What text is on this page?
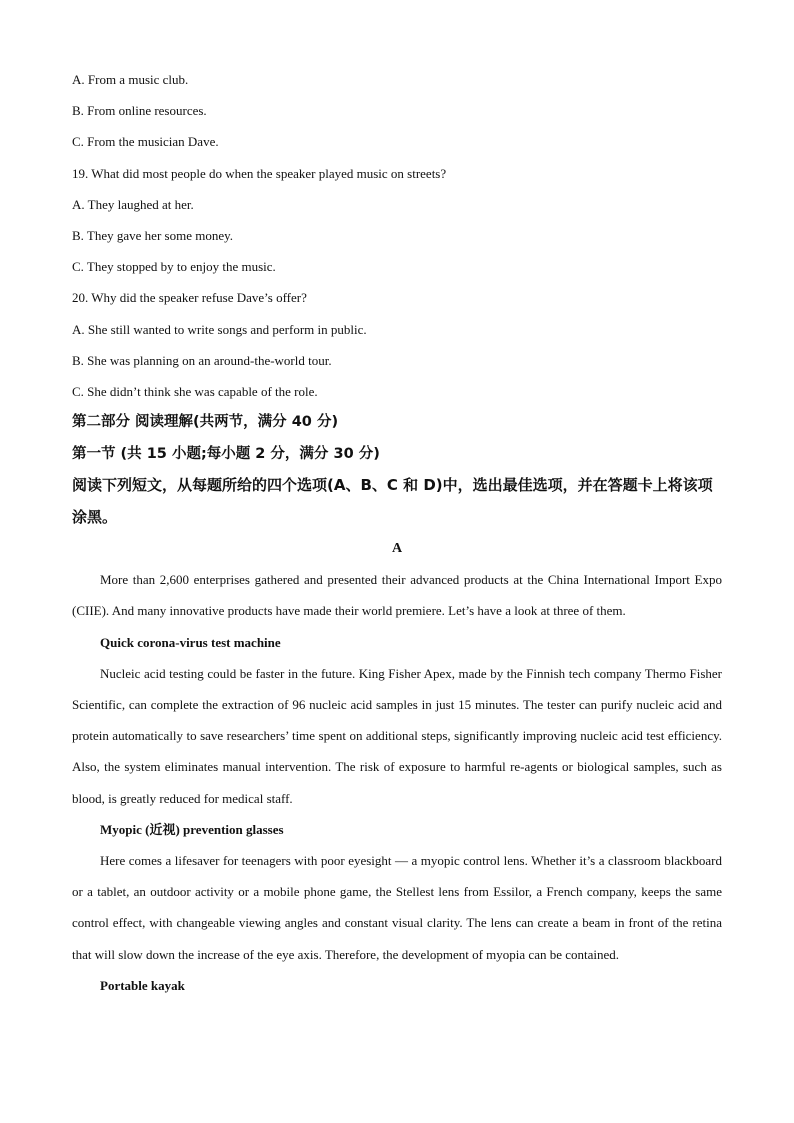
A. From a music club.
B. From online resources.
C. From the musician Dave.
19. What did most people do when the speaker played music on streets?
A. They laughed at her.
B. They gave her some money.
C. They stopped by to enjoy the music.
20. Why did the speaker refuse Dave’s offer?
A. She still wanted to write songs and perform in public.
B. She was planning on an around-the-world tour.
C. She didn’t think she was capable of the role.
第二部分 阅读理解(共两节，满分 40 分)
第一节 (共 15 小题;每小题 2 分，满分 30 分)
阅读下列短文，从每题所给的四个选项(A、B、C 和 D)中，选出最佳选项，并在答题卡上将该项涂黑。
A

More than 2,600 enterprises gathered and presented their advanced products at the China International Import Expo (CIIE). And many innovative products have made their world premiere. Let’s have a look at three of them.

Quick corona-virus test machine

Nucleic acid testing could be faster in the future. King Fisher Apex, made by the Finnish tech company Thermo Fisher Scientific, can complete the extraction of 96 nucleic acid samples in just 15 minutes. The tester can purify nucleic acid and protein automatically to save researchers’ time spent on additional steps, significantly improving nucleic acid test efficiency. Also, the system eliminates manual intervention. The risk of exposure to harmful re-agents or biological samples, such as blood, is greatly reduced for medical staff.

Myopic (近视) prevention glasses

Here comes a lifesaver for teenagers with poor eyesight — a myopic control lens. Whether it’s a classroom blackboard or a tablet, an outdoor activity or a mobile phone game, the Stellest lens from Essilor, a French company, keeps the same control effect, with changeable viewing angles and constant visual clarity. The lens can create a beam in front of the retina that will slow down the increase of the eye axis. Therefore, the development of myopia can be contained.

Portable kayak
